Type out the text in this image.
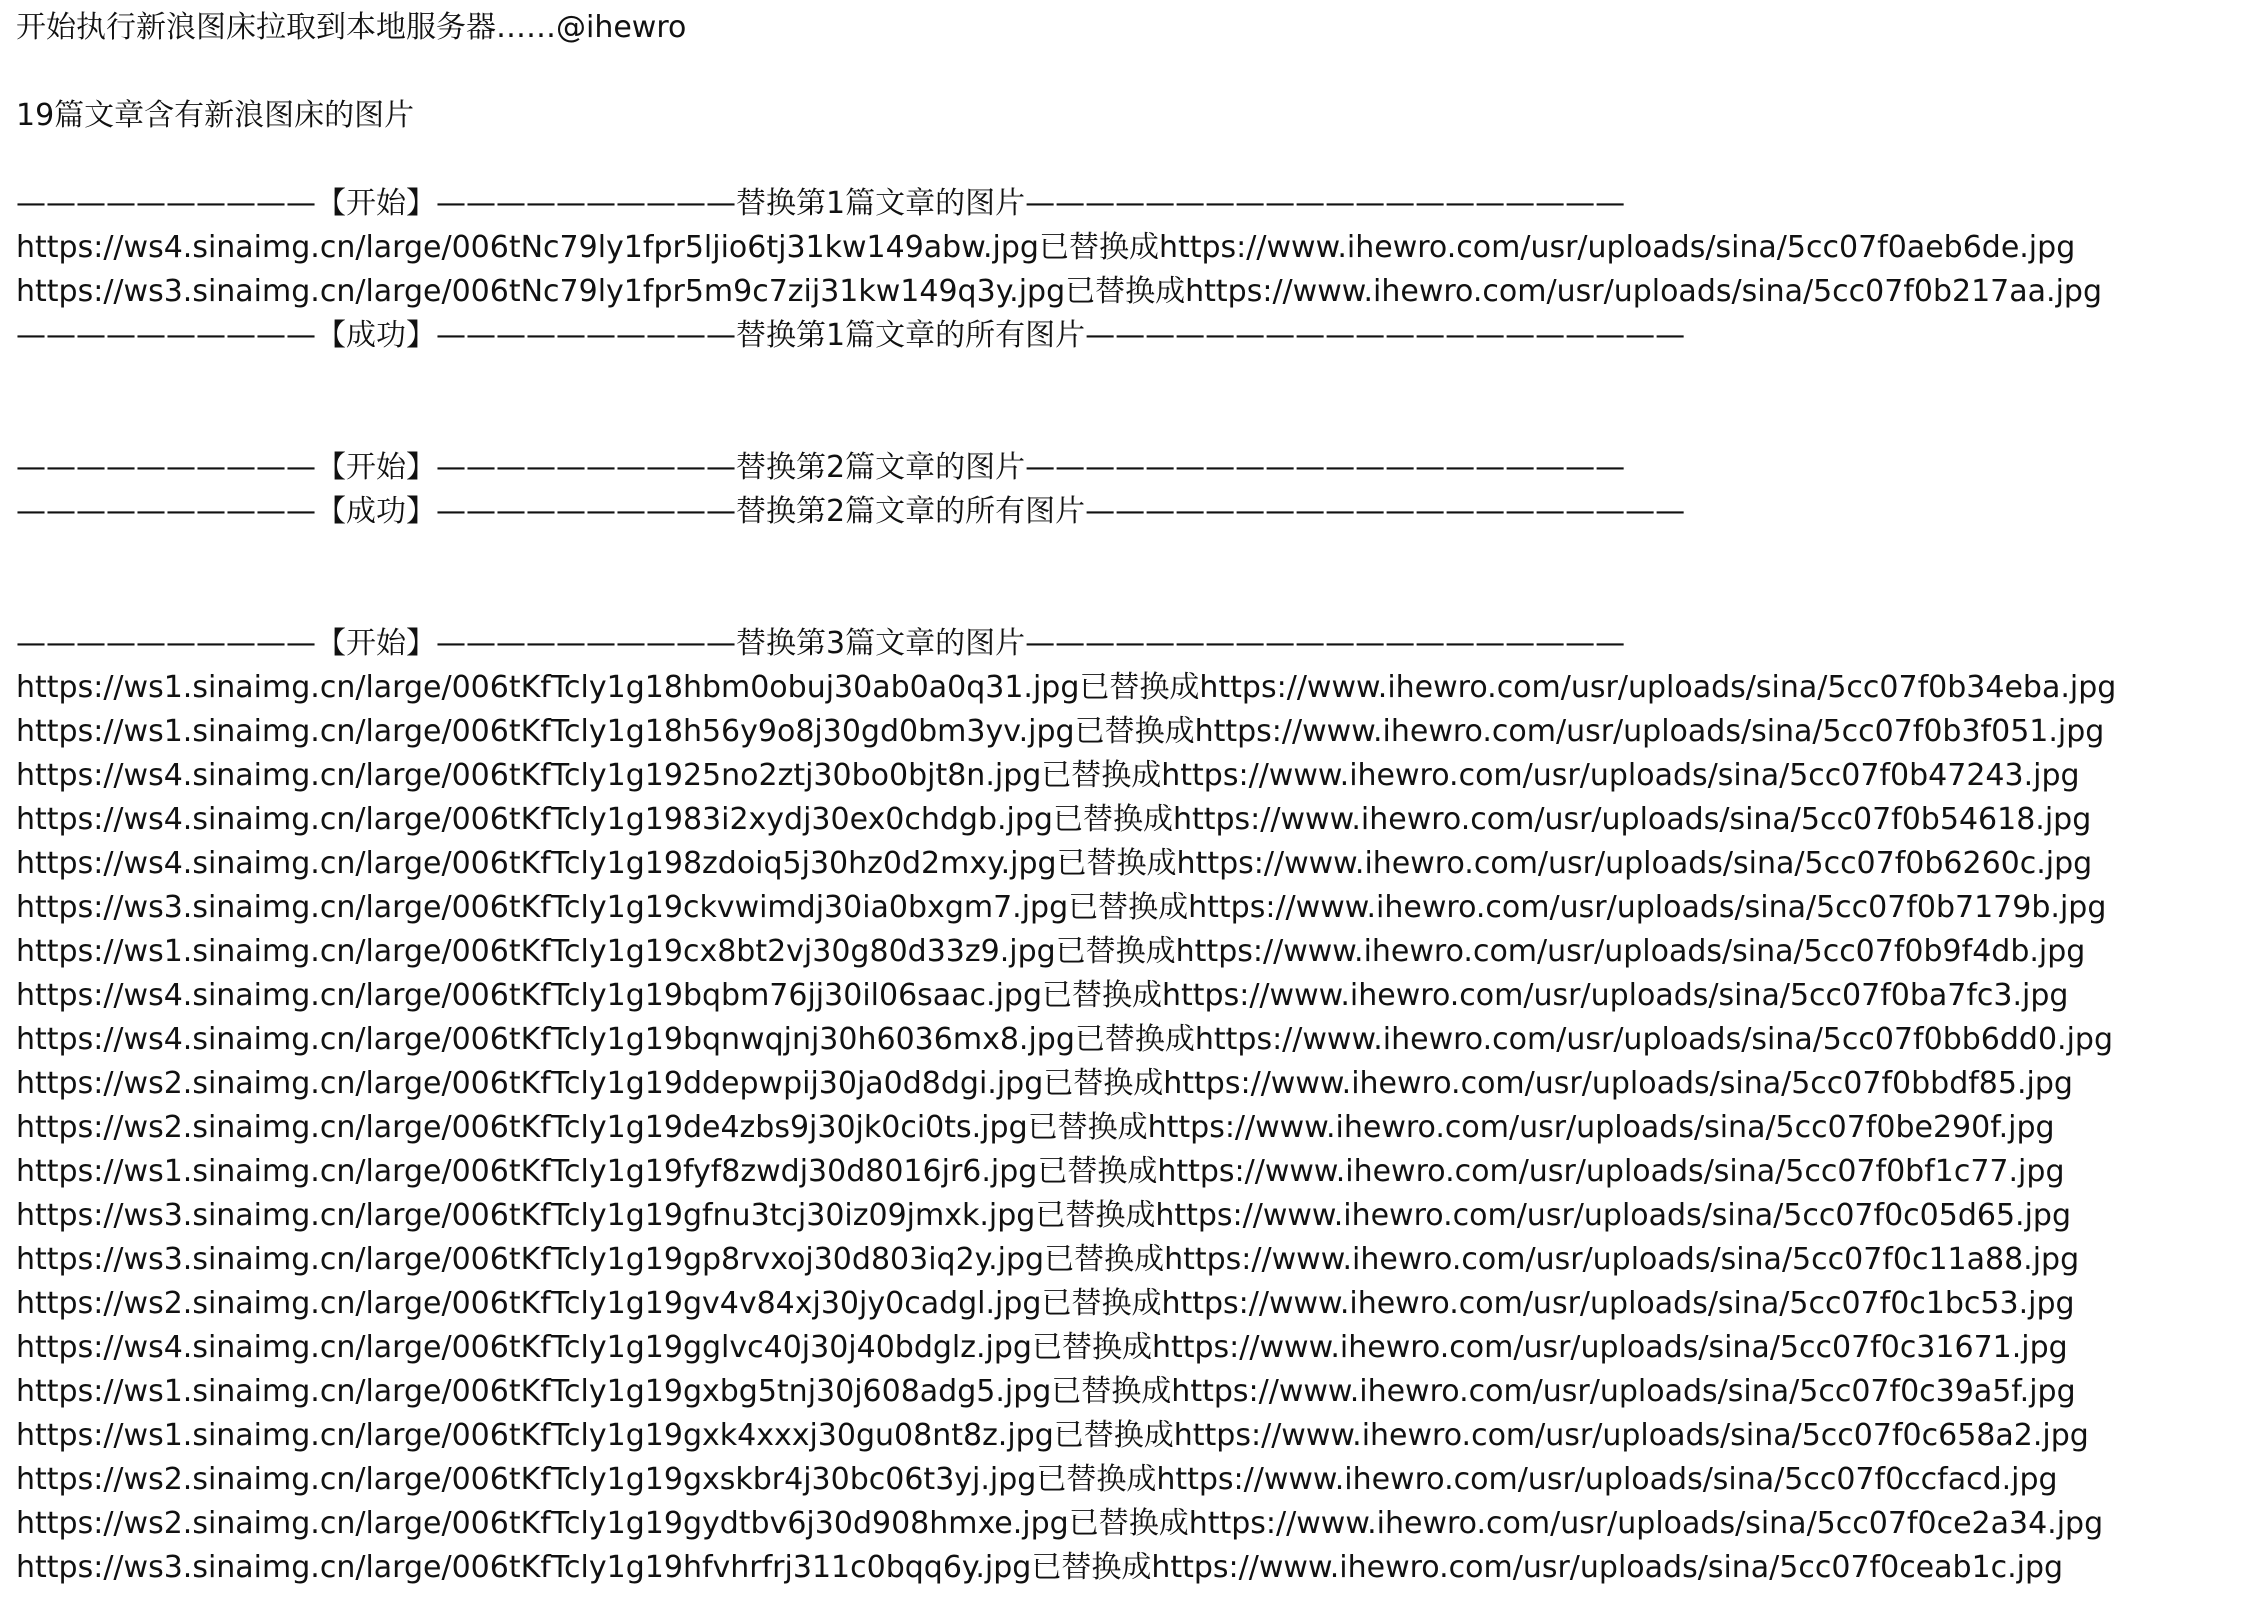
开始执行新浪图床拉取到本地服务器……@ihewro
19篇文章含有新浪图床的图片
——————————【开始】——————————替换第1篇文章的图片————————————————————
https://ws4.sinaimg.cn/large/006tNc79ly1fpr5ljio6tj31kw149abw.jpg已替换成https://www.ihewro.com/usr/uploads/sina/5cc07f0aeb6de.jpg
https://ws3.sinaimg.cn/large/006tNc79ly1fpr5m9c7zij31kw149q3y.jpg已替换成https://www.ihewro.com/usr/uploads/sina/5cc07f0b217aa.jpg
——————————【成功】——————————替换第1篇文章的所有图片————————————————————
——————————【开始】——————————替换第2篇文章的图片————————————————————
——————————【成功】——————————替换第2篇文章的所有图片————————————————————
——————————【开始】——————————替换第3篇文章的图片————————————————————
https://ws1.sinaimg.cn/large/006tKfTcly1g18hbm0obuj30ab0a0q31.jpg已替换成https://www.ihewro.com/usr/uploads/sina/5cc07f0b34eba.jpg
https://ws1.sinaimg.cn/large/006tKfTcly1g18h56y9o8j30gd0bm3yv.jpg已替换成https://www.ihewro.com/usr/uploads/sina/5cc07f0b3f051.jpg
https://ws4.sinaimg.cn/large/006tKfTcly1g1925no2ztj30bo0bjt8n.jpg已替换成https://www.ihewro.com/usr/uploads/sina/5cc07f0b47243.jpg
https://ws4.sinaimg.cn/large/006tKfTcly1g1983i2xydj30ex0chdgb.jpg已替换成https://www.ihewro.com/usr/uploads/sina/5cc07f0b54618.jpg
https://ws4.sinaimg.cn/large/006tKfTcly1g198zdoiq5j30hz0d2mxy.jpg已替换成https://www.ihewro.com/usr/uploads/sina/5cc07f0b6260c.jpg
https://ws3.sinaimg.cn/large/006tKfTcly1g19ckvwimdj30ia0bxgm7.jpg已替换成https://www.ihewro.com/usr/uploads/sina/5cc07f0b7179b.jpg
https://ws1.sinaimg.cn/large/006tKfTcly1g19cx8bt2vj30g80d33z9.jpg已替换成https://www.ihewro.com/usr/uploads/sina/5cc07f0b9f4db.jpg
https://ws4.sinaimg.cn/large/006tKfTcly1g19bqbm76jj30il06saac.jpg已替换成https://www.ihewro.com/usr/uploads/sina/5cc07f0ba7fc3.jpg
https://ws4.sinaimg.cn/large/006tKfTcly1g19bqnwqjnj30h6036mx8.jpg已替换成https://www.ihewro.com/usr/uploads/sina/5cc07f0bb6dd0.jpg
https://ws2.sinaimg.cn/large/006tKfTcly1g19ddepwpij30ja0d8dgi.jpg已替换成https://www.ihewro.com/usr/uploads/sina/5cc07f0bbdf85.jpg
https://ws2.sinaimg.cn/large/006tKfTcly1g19de4zbs9j30jk0ci0ts.jpg已替换成https://www.ihewro.com/usr/uploads/sina/5cc07f0be290f.jpg
https://ws1.sinaimg.cn/large/006tKfTcly1g19fyf8zwdj30d8016jr6.jpg已替换成https://www.ihewro.com/usr/uploads/sina/5cc07f0bf1c77.jpg
https://ws3.sinaimg.cn/large/006tKfTcly1g19gfnu3tcj30iz09jmxk.jpg已替换成https://www.ihewro.com/usr/uploads/sina/5cc07f0c05d65.jpg
https://ws3.sinaimg.cn/large/006tKfTcly1g19gp8rvxoj30d803iq2y.jpg已替换成https://www.ihewro.com/usr/uploads/sina/5cc07f0c11a88.jpg
https://ws2.sinaimg.cn/large/006tKfTcly1g19gv4v84xj30jy0cadgl.jpg已替换成https://www.ihewro.com/usr/uploads/sina/5cc07f0c1bc53.jpg
https://ws4.sinaimg.cn/large/006tKfTcly1g19gglvc40j30j40bdglz.jpg已替换成https://www.ihewro.com/usr/uploads/sina/5cc07f0c31671.jpg
https://ws1.sinaimg.cn/large/006tKfTcly1g19gxbg5tnj30j608adg5.jpg已替换成https://www.ihewro.com/usr/uploads/sina/5cc07f0c39a5f.jpg
https://ws1.sinaimg.cn/large/006tKfTcly1g19gxk4xxxj30gu08nt8z.jpg已替换成https://www.ihewro.com/usr/uploads/sina/5cc07f0c658a2.jpg
https://ws2.sinaimg.cn/large/006tKfTcly1g19gxskbr4j30bc06t3yj.jpg已替换成https://www.ihewro.com/usr/uploads/sina/5cc07f0ccfacd.jpg
https://ws2.sinaimg.cn/large/006tKfTcly1g19gydtbv6j30d908hmxe.jpg已替换成https://www.ihewro.com/usr/uploads/sina/5cc07f0ce2a34.jpg
https://ws3.sinaimg.cn/large/006tKfTcly1g19hfvhrfrj311c0bqq6y.jpg已替换成https://www.ihewro.com/usr/uploads/sina/5cc07f0ceab1c.jpg
